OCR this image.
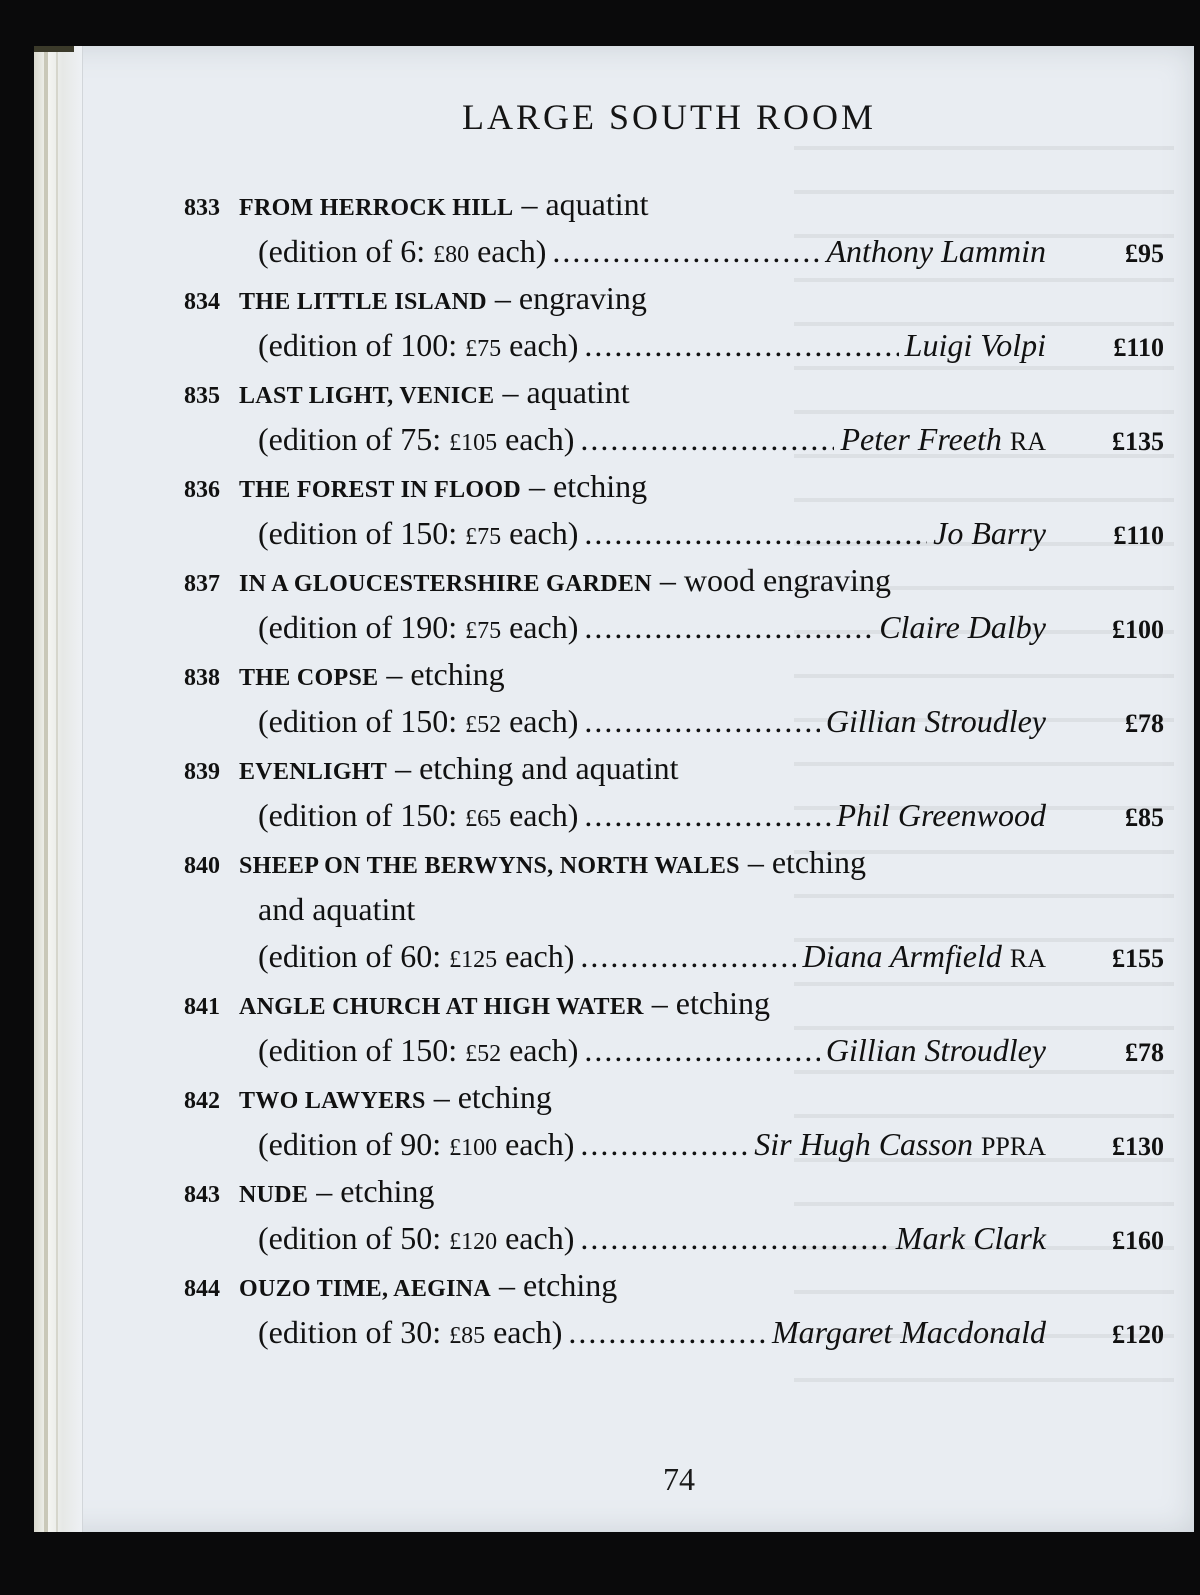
LARGE SOUTH ROOM
833 FROM HERROCK HILL – aquatint
(edition of 6: £80 each) .....	Anthony Lammin	£95
834 THE LITTLE ISLAND – engraving
(edition of 100: £75 each) .....	Luigi Volpi	£110
835 LAST LIGHT, VENICE – aquatint
(edition of 75: £105 each) .....	Peter Freeth RA	£135
836 THE FOREST IN FLOOD – etching
(edition of 150: £75 each) .....	Jo Barry	£110
837 IN A GLOUCESTERSHIRE GARDEN – wood engraving
(edition of 190: £75 each) .....	Claire Dalby	£100
838 THE COPSE – etching
(edition of 150: £52 each) .....	Gillian Stroudley	£78
839 EVENLIGHT – etching and aquatint
(edition of 150: £65 each) .....	Phil Greenwood	£85
840 SHEEP ON THE BERWYNS, NORTH WALES – etching
and aquatint
(edition of 60: £125 each) .....	Diana Armfield RA	£155
841 ANGLE CHURCH AT HIGH WATER – etching
(edition of 150: £52 each) .....	Gillian Stroudley	£78
842 TWO LAWYERS – etching
(edition of 90: £100 each) .....	Sir Hugh Casson PPRA	£130
843 NUDE – etching
(edition of 50: £120 each) .....	Mark Clark	£160
844 OUZO TIME, AEGINA – etching
(edition of 30: £85 each) .....	Margaret Macdonald	£120
74
